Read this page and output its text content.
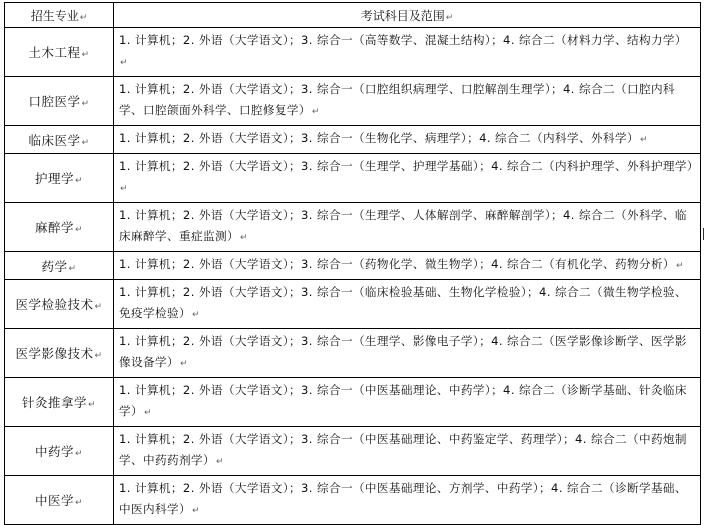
招生专业↵	考试科目及范围↵
土木工程↵	1. 计算机；2. 外语（大学语文）；3. 综合一（高等数学、混凝土结构）；4. 综合二（材料力学、结构力学）↵
口腔医学↵	1. 计算机；2. 外语（大学语文）；3. 综合一（口腔组织病理学、口腔解剖生理学）；4. 综合二（口腔内科学、口腔颌面外科学、口腔修复学）↵
临床医学↵	1. 计算机；2. 外语（大学语文）；3. 综合一（生物化学、病理学）；4. 综合二（内科学、外科学）↵
护理学↵	1. 计算机；2. 外语（大学语文）；3. 综合一（生理学、护理学基础）；4. 综合二（内科护理学、外科护理学）↵
麻醉学↵	1. 计算机；2. 外语（大学语文）；3. 综合一（生理学、人体解剖学、麻醉解剖学）；4. 综合二（外科学、临床麻醉学、重症监测）↵
药学↵	1. 计算机；2. 外语（大学语文）；3. 综合一（药物化学、微生物学）；4. 综合二（有机化学、药物分析）↵
医学检验技术↵	1. 计算机；2. 外语（大学语文）；3. 综合一（临床检验基础、生物化学检验）；4. 综合二（微生物学检验、免疫学检验）↵
医学影像技术↵	1. 计算机；2. 外语（大学语文）；3. 综合一（生理学、影像电子学）；4. 综合二（医学影像诊断学、医学影像设备学）↵
针灸推拿学↵	1. 计算机；2. 外语（大学语文）；3. 综合一（中医基础理论、中药学）；4. 综合二（诊断学基础、针灸临床学）↵
中药学↵	1. 计算机；2. 外语（大学语文）；3. 综合一（中医基础理论、中药鉴定学、药理学）；4. 综合二（中药炮制学、中药药剂学）↵
中医学↵	1. 计算机；2. 外语（大学语文）；3. 综合一（中医基础理论、方剂学、中药学）；4. 综合二（诊断学基础、中医内科学）↵
